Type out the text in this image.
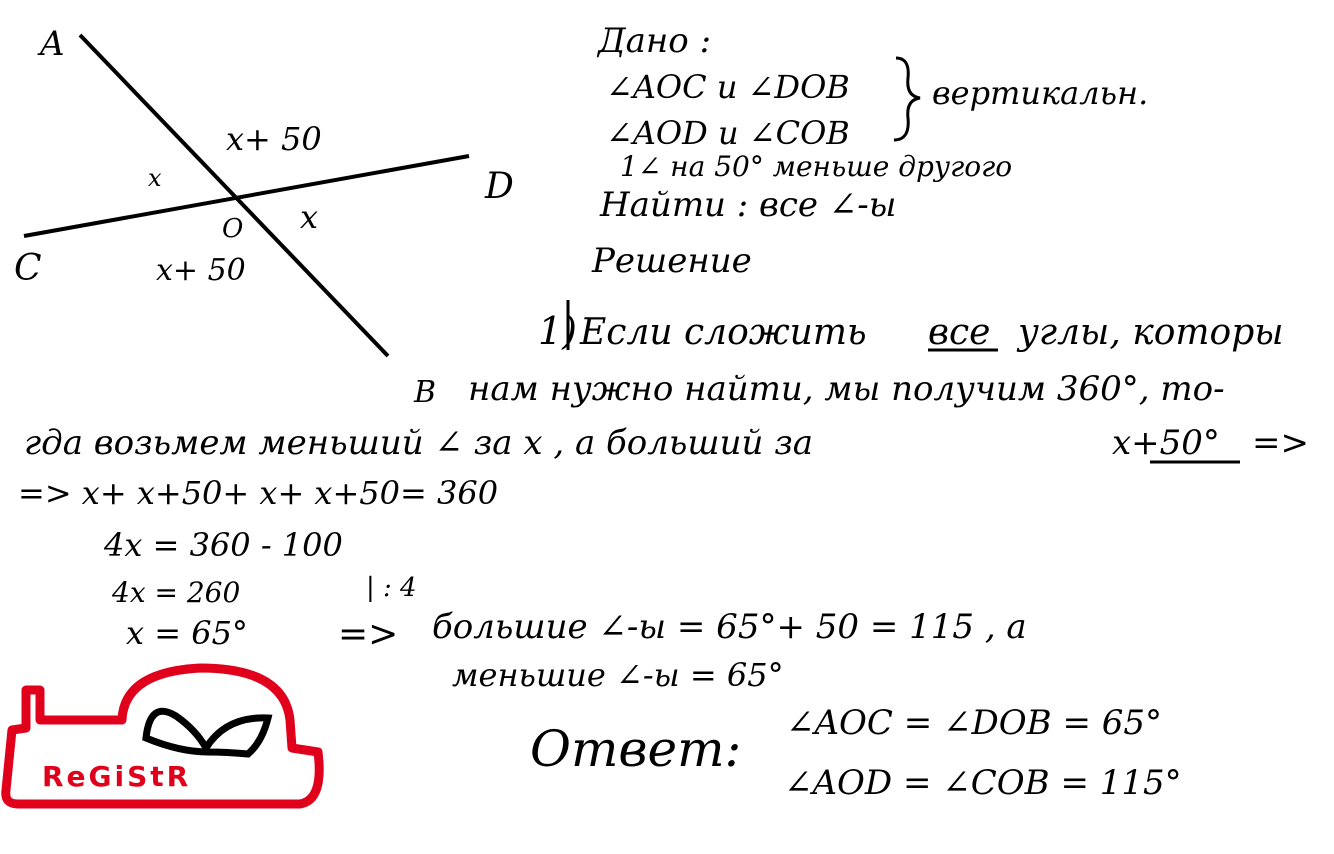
A
D
C
B
O
x+ 50
x
x
x+ 50
Дано :
∠AOC и ∠DOB
∠AOD и ∠COB
вертикальн.
1∠ на 50° меньше другого
Найти : все ∠-ы
Решение
1) Если сложить все углы, которы
нам нужно найти, мы получим 360°, то-
гда возьмем меньший ∠ за x , а больший за	x+50° =>
=> x+ x+50+ x+ x+50= 360
4x = 360 - 100
4x = 260	| : 4
x = 65°	=> большие ∠-ы = 65°+ 50 = 115 , а
меньшие ∠-ы = 65°
Ответ: ∠AOC = ∠DOB = 65°
∠AOD = ∠COB = 115°
ReGiStR
